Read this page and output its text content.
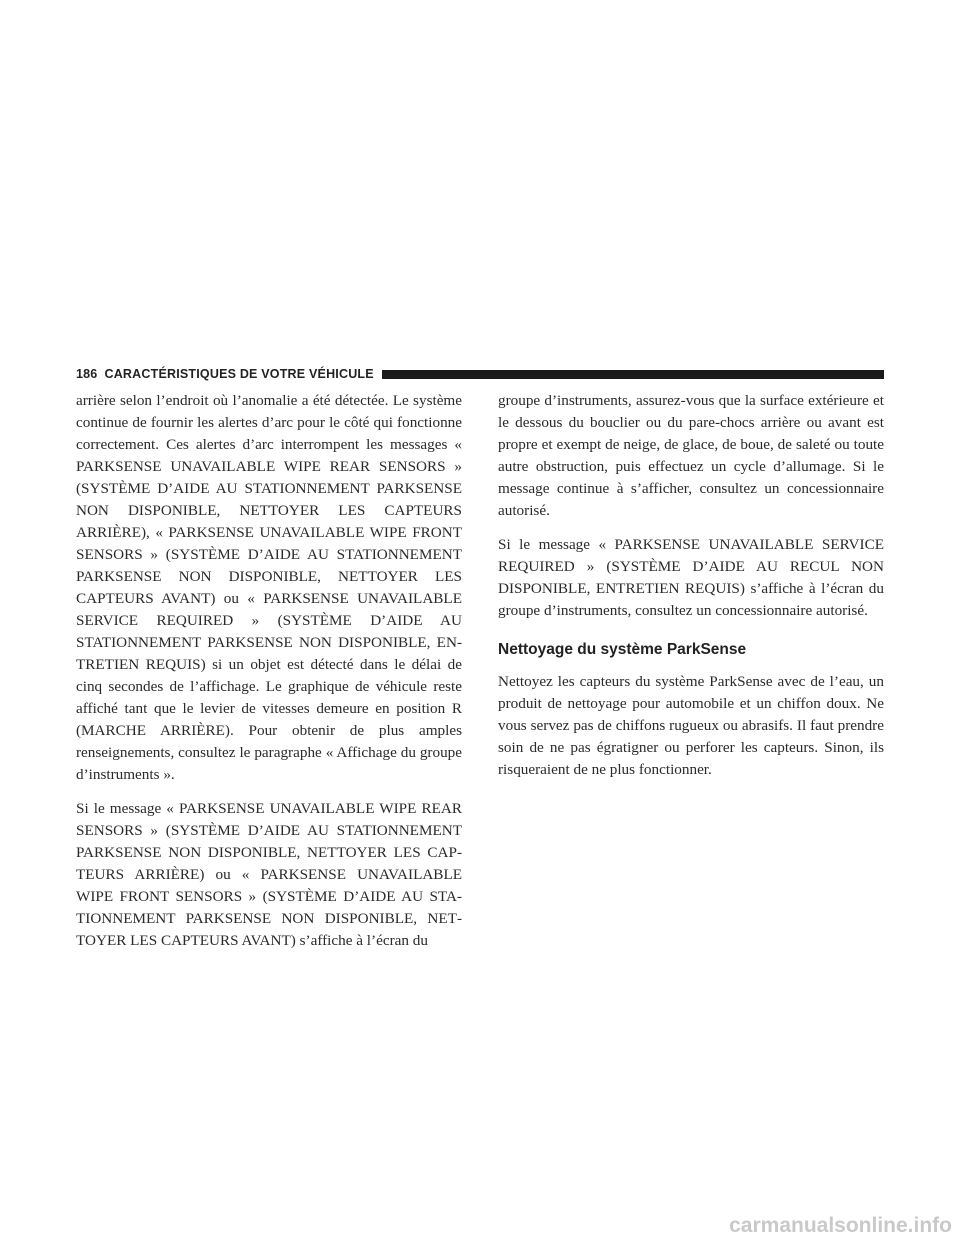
186 CARACTÉRISTIQUES DE VOTRE VÉHICULE

arrière selon l’endroit où l’anomalie a été détectée. Le système continue de fournir les alertes d’arc pour le côté qui fonctionne correctement. Ces alertes d’arc interrompent les messages « PARKSENSE UNAVAILABLE WIPE REAR SENSORS » (SYSTÈME D’AIDE AU STATIONNEMENT PARKSENSE NON DISPONIBLE, NETTOYER LES CAPTEURS ARRIÈRE), « PARKSENSE UNAVAILABLE WIPE FRONT SENSORS » (SYSTÈME D’AIDE AU STATIONNEMENT PARKSENSE NON DISPONIBLE, NETTOYER LES CAPTEURS AVANT) ou « PARKSENSE UNAVAILABLE SERVICE REQUIRED » (SYSTÈME D’AIDE AU STATIONNEMENT PARKSENSE NON DISPONIBLE, ENTRETIEN REQUIS) si un objet est détecté dans le délai de cinq secondes de l’affichage. Le graphique de véhicule reste affiché tant que le levier de vitesses demeure en position R (MARCHE ARRIÈRE). Pour obtenir de plus amples renseignements, consultez le paragraphe « Affichage du groupe d’instruments ».

Si le message « PARKSENSE UNAVAILABLE WIPE REAR SENSORS » (SYSTÈME D’AIDE AU STATIONNEMENT PARKSENSE NON DISPONIBLE, NETTOYER LES CAPTEURS ARRIÈRE) ou « PARKSENSE UNAVAILABLE WIPE FRONT SENSORS » (SYSTÈME D’AIDE AU STATIONNEMENT PARKSENSE NON DISPONIBLE, NETTOYER LES CAPTEURS AVANT) s’affiche à l’écran du

groupe d’instruments, assurez-vous que la surface extérieure et le dessous du bouclier ou du pare-chocs arrière ou avant est propre et exempt de neige, de glace, de boue, de saleté ou toute autre obstruction, puis effectuez un cycle d’allumage. Si le message continue à s’afficher, consultez un concessionnaire autorisé.

Si le message « PARKSENSE UNAVAILABLE SERVICE REQUIRED » (SYSTÈME D’AIDE AU RECUL NON DISPONIBLE, ENTRETIEN REQUIS) s’affiche à l’écran du groupe d’instruments, consultez un concessionnaire autorisé.

Nettoyage du système ParkSense

Nettoyez les capteurs du système ParkSense avec de l’eau, un produit de nettoyage pour automobile et un chiffon doux. Ne vous servez pas de chiffons rugueux ou abrasifs. Il faut prendre soin de ne pas égratigner ou perforer les capteurs. Sinon, ils risqueraient de ne plus fonctionner.

carmanualsonline.info
